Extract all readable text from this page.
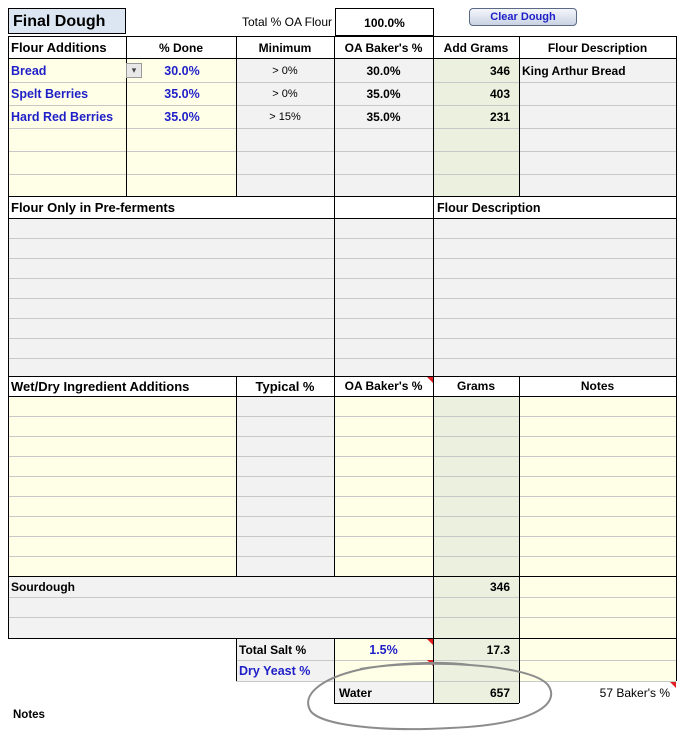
Final Dough	Total % OA Flour	100.0%	Clear Dough
Flour Additions	% Done	Minimum	OA Baker's %	Add Grams	Flour Description
Bread	▾	30.0%	> 0%	30.0%	346	King Arthur Bread
Spelt Berries	35.0%	> 0%	35.0%	403
Hard Red Berries	35.0%	> 15%	35.0%	231
Flour Only in Pre-ferments	Flour Description
Wet/Dry Ingredient Additions	Typical %	OA Baker's %	Grams	Notes
Sourdough	346
Total Salt %	1.5%	17.3
Dry Yeast %
Water	657	57 Baker's %
Notes
